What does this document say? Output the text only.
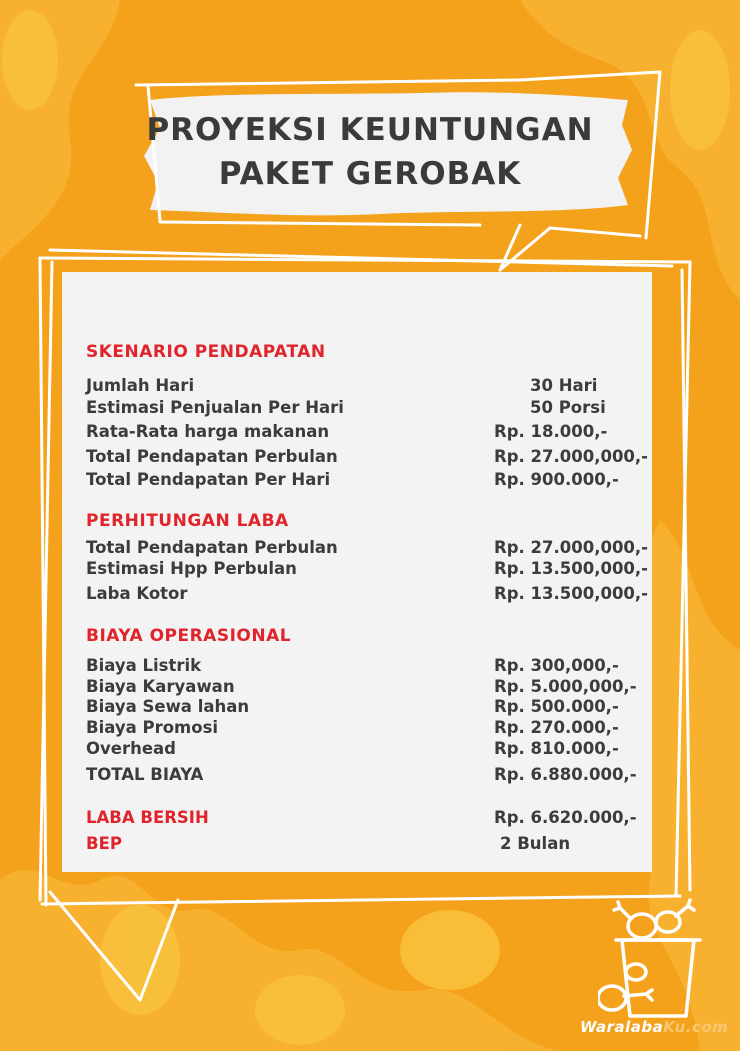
PROYEKSI KEUNTUNGAN
PAKET GEROBAK
SKENARIO PENDAPATAN
Jumlah Hari	30 Hari
Estimasi Penjualan Per Hari	50 Porsi
Rata-Rata harga makanan	Rp. 18.000,-
Total Pendapatan Perbulan	Rp. 27.000,000,-
Total Pendapatan Per Hari	Rp. 900.000,-
PERHITUNGAN LABA
Total Pendapatan Perbulan	Rp. 27.000,000,-
Estimasi Hpp Perbulan	Rp. 13.500,000,-
Laba Kotor	Rp. 13.500,000,-
BIAYA OPERASIONAL
Biaya Listrik	Rp. 300,000,-
Biaya Karyawan	Rp. 5.000,000,-
Biaya Sewa lahan	Rp. 500.000,-
Biaya Promosi	Rp. 270.000,-
Overhead	Rp. 810.000,-
TOTAL BIAYA	Rp. 6.880.000,-
LABA BERSIH	Rp. 6.620.000,-
BEP	2 Bulan
WaralabaKu.com
